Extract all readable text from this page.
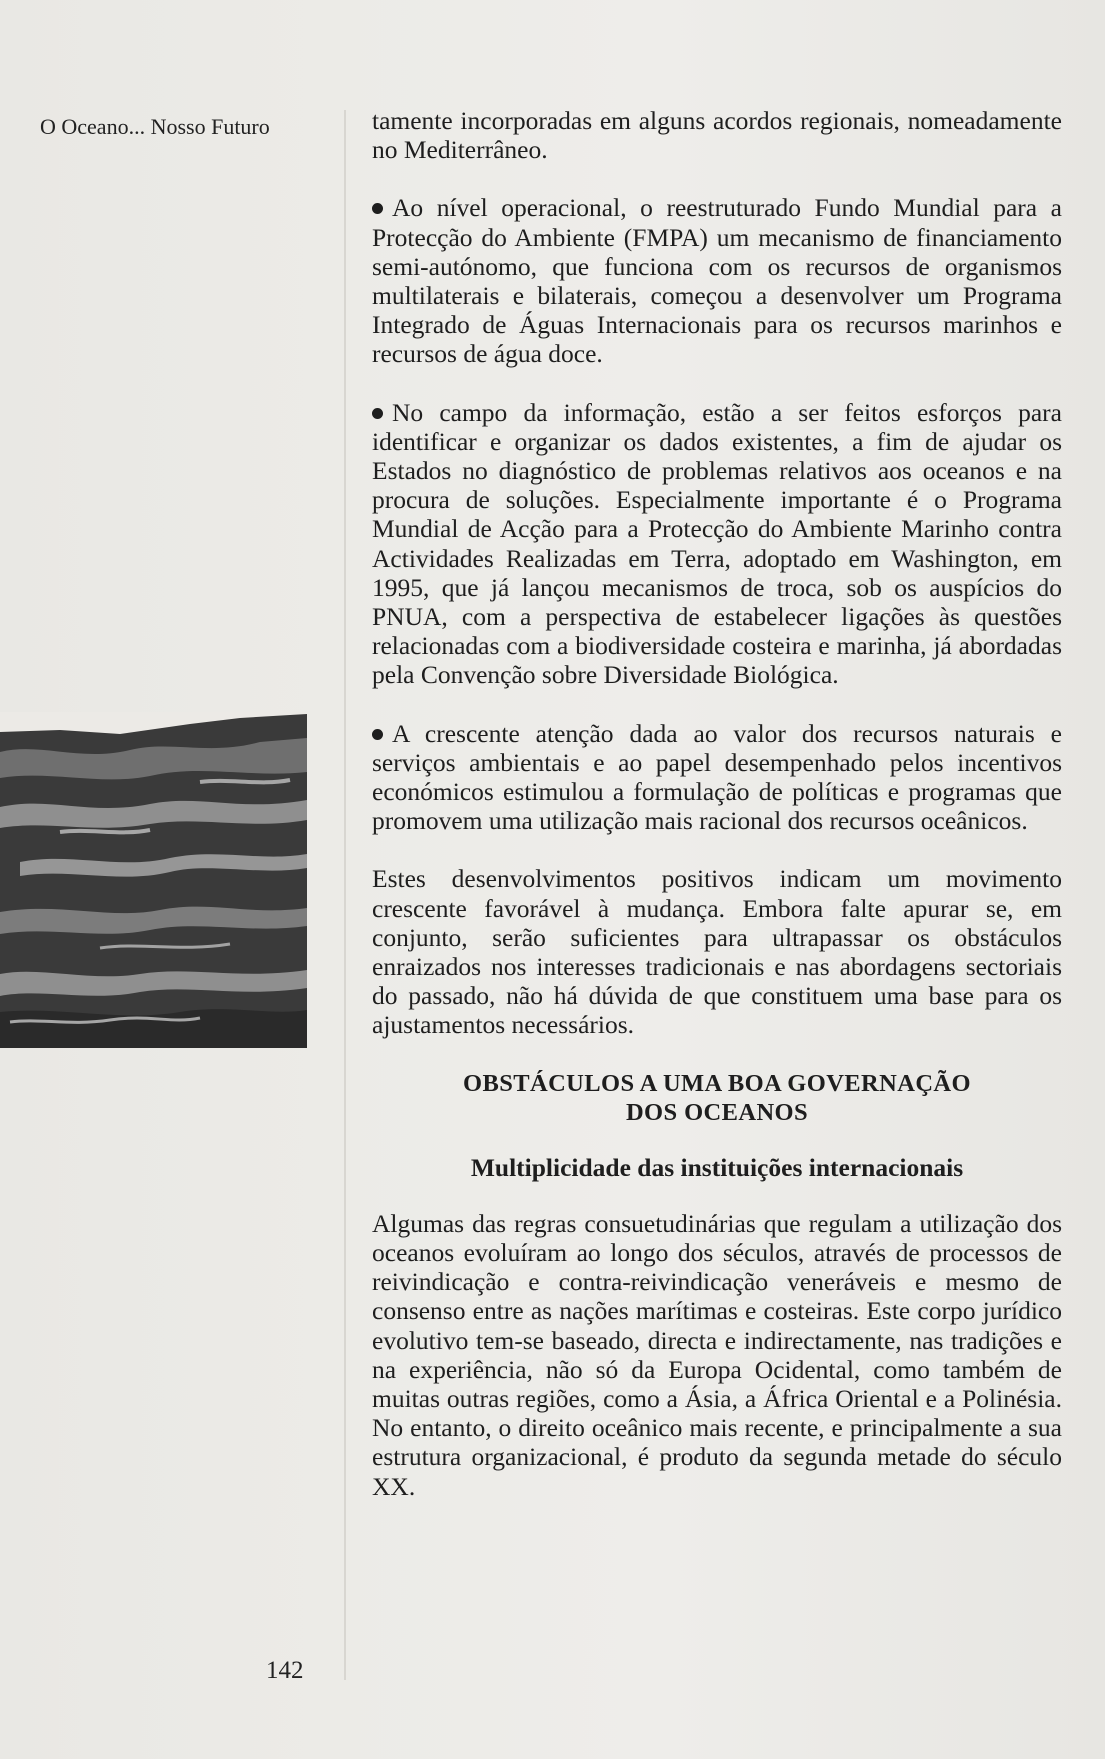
O Oceano... Nosso Futuro
142

tamente incorporadas em alguns acordos regionais, nomeadamente no Mediterrâneo.

Ao nível operacional, o reestruturado Fundo Mundial para a Protecção do Ambiente (FMPA) um mecanismo de financiamento semi-autónomo, que funciona com os recursos de organismos multilaterais e bilaterais, começou a desenvolver um Programa Integrado de Águas Internacionais para os recursos marinhos e recursos de água doce.

No campo da informação, estão a ser feitos esforços para identificar e organizar os dados existentes, a fim de ajudar os Estados no diagnóstico de problemas relativos aos oceanos e na procura de soluções. Especialmente importante é o Programa Mundial de Acção para a Protecção do Ambiente Marinho contra Actividades Realizadas em Terra, adoptado em Washington, em 1995, que já lançou mecanismos de troca, sob os auspícios do PNUA, com a perspectiva de estabelecer ligações às questões relacionadas com a biodiversidade costeira e marinha, já abordadas pela Convenção sobre Diversidade Biológica.

A crescente atenção dada ao valor dos recursos naturais e serviços ambientais e ao papel desempenhado pelos incentivos económicos estimulou a formulação de políticas e programas que promovem uma utilização mais racional dos recursos oceânicos.

Estes desenvolvimentos positivos indicam um movimento crescente favorável à mudança. Embora falte apurar se, em conjunto, serão suficientes para ultrapassar os obstáculos enraizados nos interesses tradicionais e nas abordagens sectoriais do passado, não há dúvida de que constituem uma base para os ajustamentos necessários.

OBSTÁCULOS A UMA BOA GOVERNAÇÃO
DOS OCEANOS
Multiplicidade das instituições internacionais

Algumas das regras consuetudinárias que regulam a utilização dos oceanos evoluíram ao longo dos séculos, através de processos de reivindicação e contra-reivindicação veneráveis e mesmo de consenso entre as nações marítimas e costeiras. Este corpo jurídico evolutivo tem-se baseado, directa e indirectamente, nas tradições e na experiência, não só da Europa Ocidental, como também de muitas outras regiões, como a Ásia, a África Oriental e a Polinésia. No entanto, o direito oceânico mais recente, e principalmente a sua estrutura organizacional, é produto da segunda metade do século XX.
